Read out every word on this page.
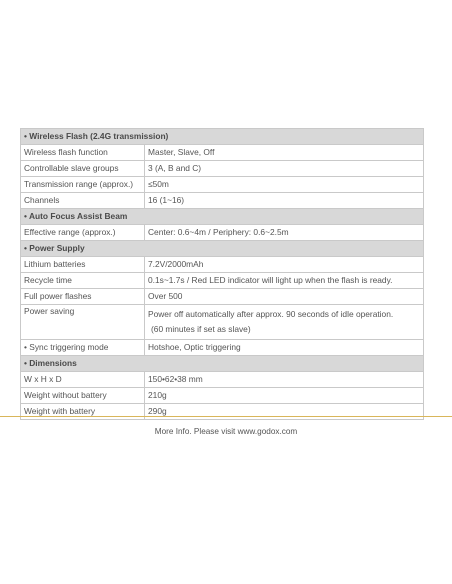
• Wireless Flash (2.4G transmission)	
Wireless flash function	Master, Slave, Off
Controllable slave groups	3 (A, B and C)
Transmission range (approx.)	≤50m
Channels	16 (1~16)
• Auto Focus Assist Beam	
Effective range (approx.)	Center: 0.6~4m / Periphery: 0.6~2.5m
• Power Supply	
Lithium batteries	7.2V/2000mAh
Recycle time	0.1s~1.7s / Red LED indicator will light up when the flash is ready.
Full power flashes	Over 500
Power saving	Power off automatically after approx. 90 seconds of idle operation.
(60 minutes if set as slave)

• Sync triggering mode	Hotshoe, Optic triggering
• Dimensions	
W x H x D	150•62•38 mm
Weight without battery	210g
Weight with battery	290g
More Info. Please visit www.godox.com
